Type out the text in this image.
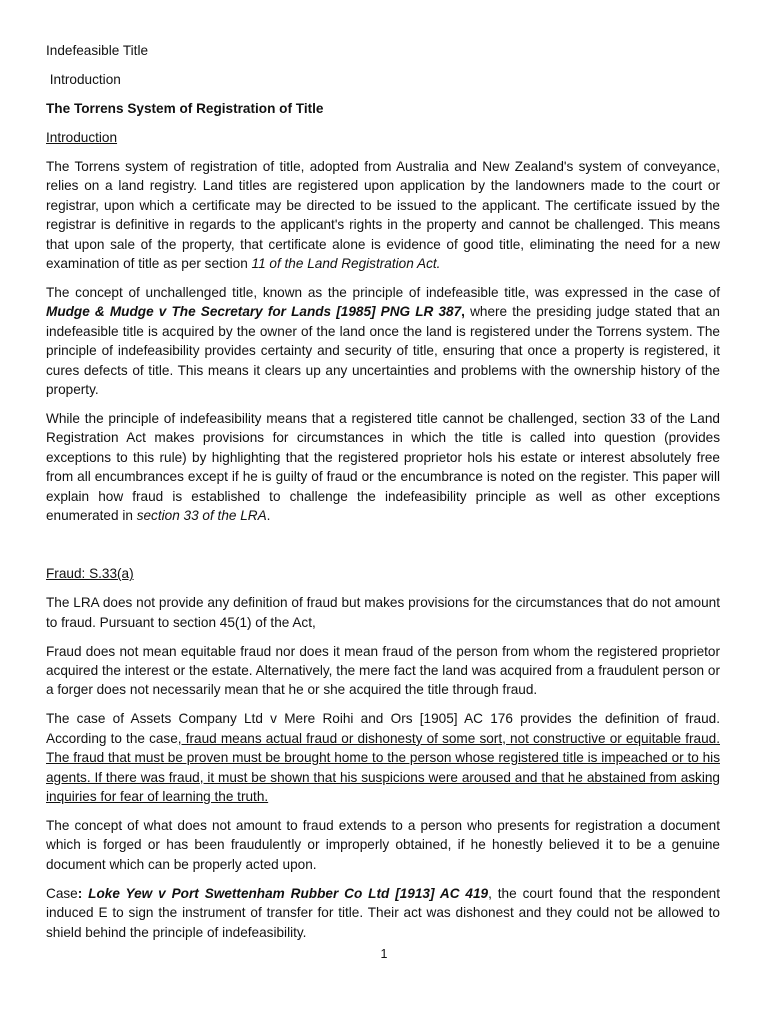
Indefeasible Title
Introduction
The Torrens System of Registration of Title
Introduction

The Torrens system of registration of title, adopted from Australia and New Zealand's system of conveyance, relies on a land registry. Land titles are registered upon application by the landowners made to the court or registrar, upon which a certificate may be directed to be issued to the applicant. The certificate issued by the registrar is definitive in regards to the applicant's rights in the property and cannot be challenged. This means that upon sale of the property, that certificate alone is evidence of good title, eliminating the need for a new examination of title as per section 11 of the Land Registration Act.

The concept of unchallenged title, known as the principle of indefeasible title, was expressed in the case of Mudge & Mudge v The Secretary for Lands [1985] PNG LR 387, where the presiding judge stated that an indefeasible title is acquired by the owner of the land once the land is registered under the Torrens system. The principle of indefeasibility provides certainty and security of title, ensuring that once a property is registered, it cures defects of title. This means it clears up any uncertainties and problems with the ownership history of the property.

While the principle of indefeasibility means that a registered title cannot be challenged, section 33 of the Land Registration Act makes provisions for circumstances in which the title is called into question (provides exceptions to this rule) by highlighting that the registered proprietor hols his estate or interest absolutely free from all encumbrances except if he is guilty of fraud or the encumbrance is noted on the register. This paper will explain how fraud is established to challenge the indefeasibility principle as well as other exceptions enumerated in section 33 of the LRA.

Fraud: S.33(a)

The LRA does not provide any definition of fraud but makes provisions for the circumstances that do not amount to fraud. Pursuant to section 45(1) of the Act,

Fraud does not mean equitable fraud nor does it mean fraud of the person from whom the registered proprietor acquired the interest or the estate. Alternatively, the mere fact the land was acquired from a fraudulent person or a forger does not necessarily mean that he or she acquired the title through fraud.

The case of Assets Company Ltd v Mere Roihi and Ors [1905] AC 176 provides the definition of fraud. According to the case, fraud means actual fraud or dishonesty of some sort, not constructive or equitable fraud. The fraud that must be proven must be brought home to the person whose registered title is impeached or to his agents. If there was fraud, it must be shown that his suspicions were aroused and that he abstained from asking inquiries for fear of learning the truth.

The concept of what does not amount to fraud extends to a person who presents for registration a document which is forged or has been fraudulently or improperly obtained, if he honestly believed it to be a genuine document which can be properly acted upon.

Case: Loke Yew v Port Swettenham Rubber Co Ltd [1913] AC 419, the court found that the respondent induced E to sign the instrument of transfer for title. Their act was dishonest and they could not be allowed to shield behind the principle of indefeasibility.

1
